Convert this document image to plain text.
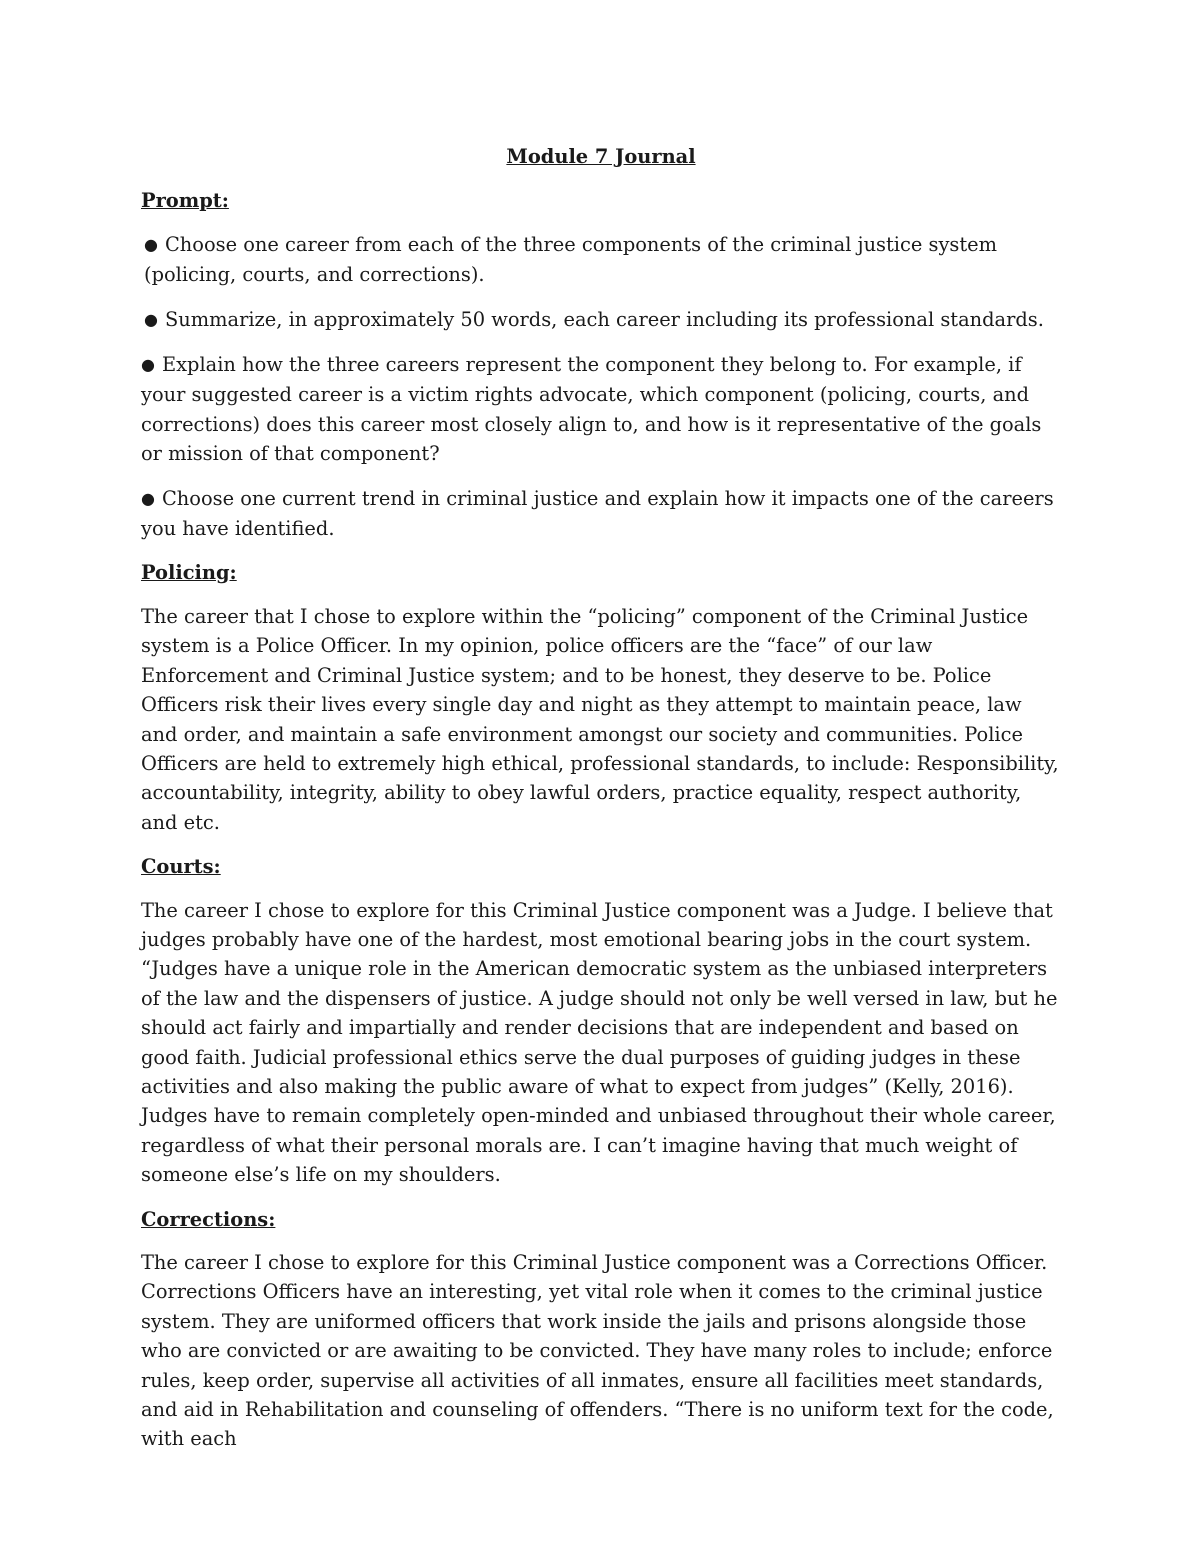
Module 7 Journal
Prompt:
● Choose one career from each of the three components of the criminal justice system (policing, courts, and corrections).
● Summarize, in approximately 50 words, each career including its professional standards.
● Explain how the three careers represent the component they belong to. For example, if your suggested career is a victim rights advocate, which component (policing, courts, and corrections) does this career most closely align to, and how is it representative of the goals or mission of that component?
● Choose one current trend in criminal justice and explain how it impacts one of the careers you have identified.
Policing:
The career that I chose to explore within the “policing” component of the Criminal Justice system is a Police Officer. In my opinion, police officers are the “face” of our law Enforcement and Criminal Justice system; and to be honest, they deserve to be. Police Officers risk their lives every single day and night as they attempt to maintain peace, law and order, and maintain a safe environment amongst our society and communities. Police Officers are held to extremely high ethical, professional standards, to include: Responsibility, accountability, integrity, ability to obey lawful orders, practice equality, respect authority, and etc.
Courts:
The career I chose to explore for this Criminal Justice component was a Judge. I believe that judges probably have one of the hardest, most emotional bearing jobs in the court system. “Judges have a unique role in the American democratic system as the unbiased interpreters of the law and the dispensers of justice. A judge should not only be well versed in law, but he should act fairly and impartially and render decisions that are independent and based on good faith. Judicial professional ethics serve the dual purposes of guiding judges in these activities and also making the public aware of what to expect from judges” (Kelly, 2016). Judges have to remain completely open-minded and unbiased throughout their whole career, regardless of what their personal morals are. I can’t imagine having that much weight of someone else’s life on my shoulders.
Corrections:
The career I chose to explore for this Criminal Justice component was a Corrections Officer. Corrections Officers have an interesting, yet vital role when it comes to the criminal justice system. They are uniformed officers that work inside the jails and prisons alongside those who are convicted or are awaiting to be convicted. They have many roles to include; enforce rules, keep order, supervise all activities of all inmates, ensure all facilities meet standards, and aid in Rehabilitation and counseling of offenders. “There is no uniform text for the code, with each
